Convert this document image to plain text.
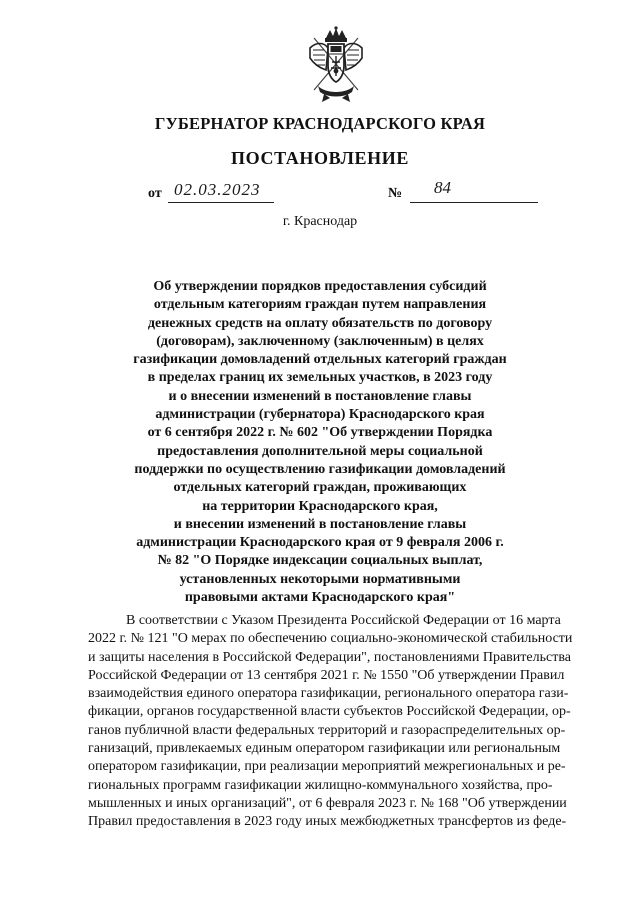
ГУБЕРНАТОР КРАСНОДАРСКОГО КРАЯ
ПОСТАНОВЛЕНИЕ
от 02.03.2023	№ 84
г. Краснодар
Об утверждении порядков предоставления субсидий
отдельным категориям граждан путем направления
денежных средств на оплату обязательств по договору
(договорам), заключенному (заключенным) в целях
газификации домовладений отдельных категорий граждан
в пределах границ их земельных участков, в 2023 году
и о внесении изменений в постановление главы
администрации (губернатора) Краснодарского края
от 6 сентября 2022 г. № 602 "Об утверждении Порядка
предоставления дополнительной меры социальной
поддержки по осуществлению газификации домовладений
отдельных категорий граждан, проживающих
на территории Краснодарского края,
и внесении изменений в постановление главы
администрации Краснодарского края от 9 февраля 2006 г.
№ 82 "О Порядке индексации социальных выплат,
установленных некоторыми нормативными
правовыми актами Краснодарского края"
В соответствии с Указом Президента Российской Федерации от 16 марта
2022 г. № 121 "О мерах по обеспечению социально-экономической стабильности
и защиты населения в Российской Федерации", постановлениями Правительства
Российской Федерации от 13 сентября 2021 г. № 1550 "Об утверждении Правил
взаимодействия единого оператора газификации, регионального оператора гази-
фикации, органов государственной власти субъектов Российской Федерации, ор-
ганов публичной власти федеральных территорий и газораспределительных ор-
ганизаций, привлекаемых единым оператором газификации или региональным
оператором газификации, при реализации мероприятий межрегиональных и ре-
гиональных программ газификации жилищно-коммунального хозяйства, про-
мышленных и иных организаций", от 6 февраля 2023 г. № 168 "Об утверждении
Правил предоставления в 2023 году иных межбюджетных трансфертов из феде-
